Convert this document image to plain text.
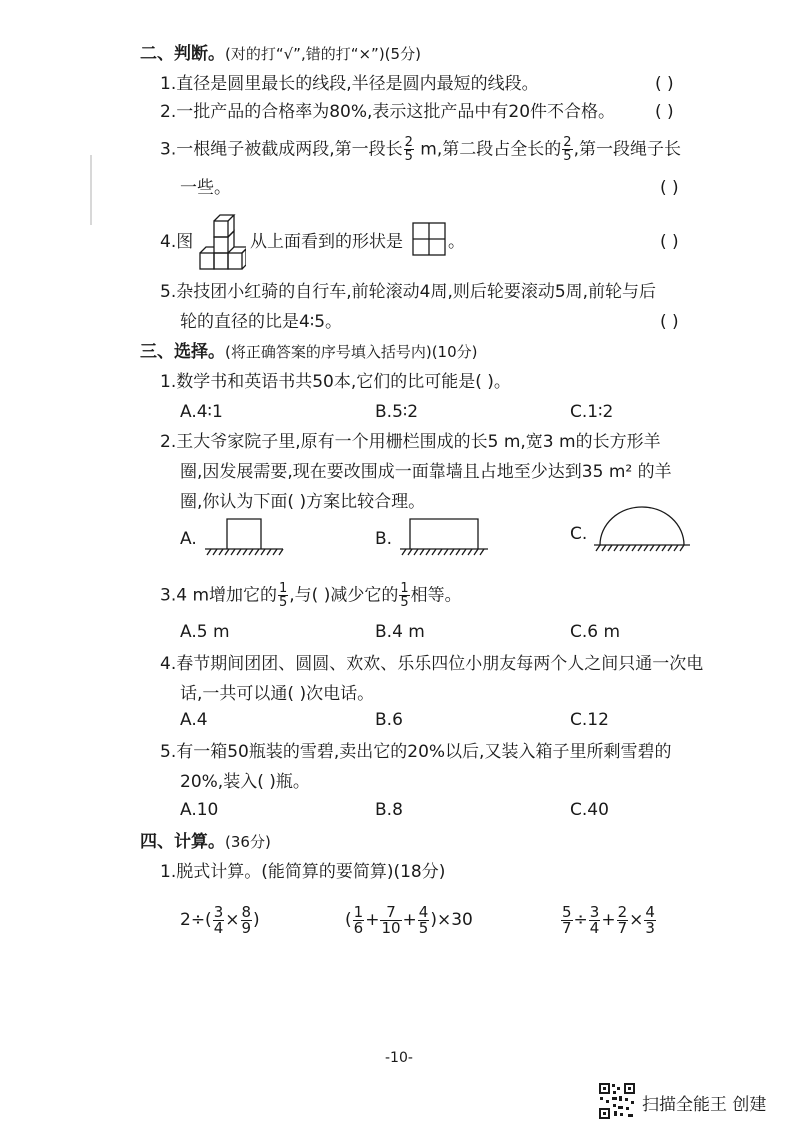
二、判断。(对的打“√”,错的打“×”)(5分)
1.直径是圆里最长的线段,半径是圆内最短的线段。	( )
2.一批产品的合格率为80%,表示这批产品中有20件不合格。 ( )
3.一根绳子被截成两段,第一段长 $\frac{2}{5} m$,第二段占全长的 $\frac{2}{5}$ ,第一段绳子长
一些。	( )
4.图	从上面看到的形状是	。	( )
5.杂技团小红骑的自行车,前轮滚动4周,则后轮要滚动5周,前轮与后
轮的直径的比是4∶5。	( )
三、选择。(将正确答案的序号填入括号内)(10分)
1.数学书和英语书共50本,它们的比可能是( )。
A.4∶1	B.5∶2	C.1∶2
2.王大爷家院子里,原有一个用栅栏围成的长5 m,宽3 m的长方形羊
圈,因发展需要,现在要改围成一面靠墙且占地至少达到35 m² 的羊
圈,你认为下面( )方案比较合理。
A.	B.	C.
3.4 m增加它的 $\frac{1}{5}$ ,与( )减少它的 $\frac{1}{5}$ 相等。
A.5 m	B.4 m	C.6 m
4.春节期间团团、圆圆、欢欢、乐乐四位小朋友每两个人之间只通一次电
话,一共可以通( )次电话。
A.4	B.6	C.12
5.有一箱50瓶装的雪碧,卖出它的20%以后,又装入箱子里所剩雪碧的
20%,装入( )瓶。
A.10	B.8	C.40
四、计算。(36分)
1.脱式计算。(能简算的要简算)(18分)
$2\div( \frac{3}{4} \times \frac{8}{9}$ )	( $\frac{1}{6} + \frac{7}{10} + \frac{4}{5} )\times 30$	$\frac{5}{7} \div \frac{3}{4} + \frac{2}{7} \times \frac{4}{3}$
-10-
扫描全能王 创建
